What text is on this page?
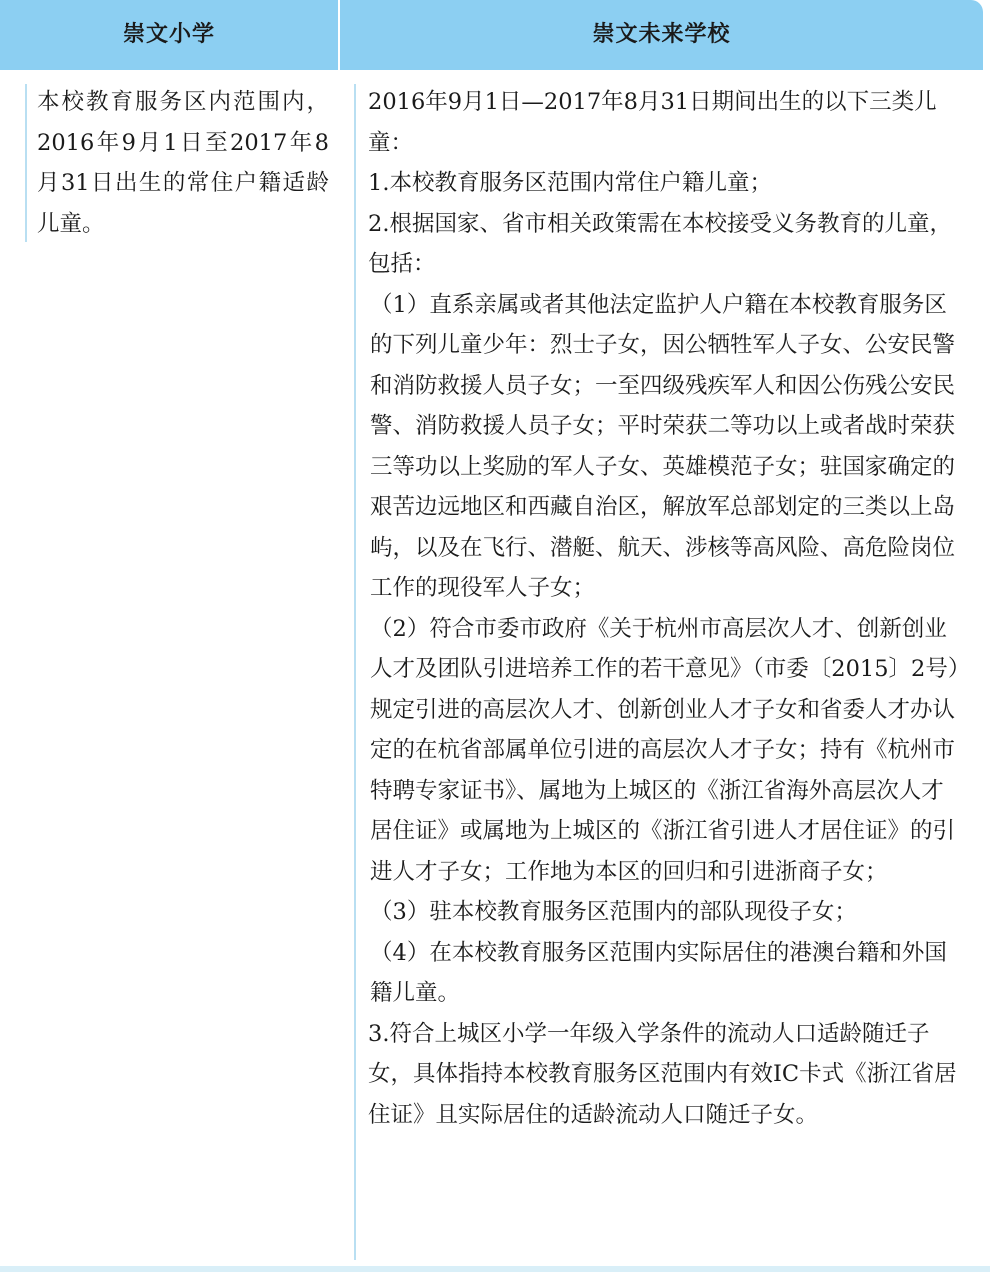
崇文小学	崇文未来学校
本校教育服务区内范围内，2016年9月1日至2017年8月31日出生的常住户籍适龄儿童。

2016年9月1日—2017年8月31日期间出生的以下三类儿童：

1.本校教育服务区范围内常住户籍儿童；

2.根据国家、省市相关政策需在本校接受义务教育的儿童，包括：

（1）直系亲属或者其他法定监护人户籍在本校教育服务区的下列儿童少年：烈士子女，因公牺牲军人子女、公安民警和消防救援人员子女；一至四级残疾军人和因公伤残公安民警、消防救援人员子女；平时荣获二等功以上或者战时荣获三等功以上奖励的军人子女、英雄模范子女；驻国家确定的艰苦边远地区和西藏自治区，解放军总部划定的三类以上岛屿，以及在飞行、潜艇、航天、涉核等高风险、高危险岗位工作的现役军人子女；

（2）符合市委市政府《关于杭州市高层次人才、创新创业人才及团队引进培养工作的若干意见》（市委〔2015〕2号）规定引进的高层次人才、创新创业人才子女和省委人才办认定的在杭省部属单位引进的高层次人才子女；持有《杭州市特聘专家证书》、属地为上城区的《浙江省海外高层次人才居住证》或属地为上城区的《浙江省引进人才居住证》的引进人才子女；工作地为本区的回归和引进浙商子女；

（3）驻本校教育服务区范围内的部队现役子女；

（4）在本校教育服务区范围内实际居住的港澳台籍和外国籍儿童。

3.符合上城区小学一年级入学条件的流动人口适龄随迁子女，具体指持本校教育服务区范围内有效IC卡式《浙江省居住证》且实际居住的适龄流动人口随迁子女。
